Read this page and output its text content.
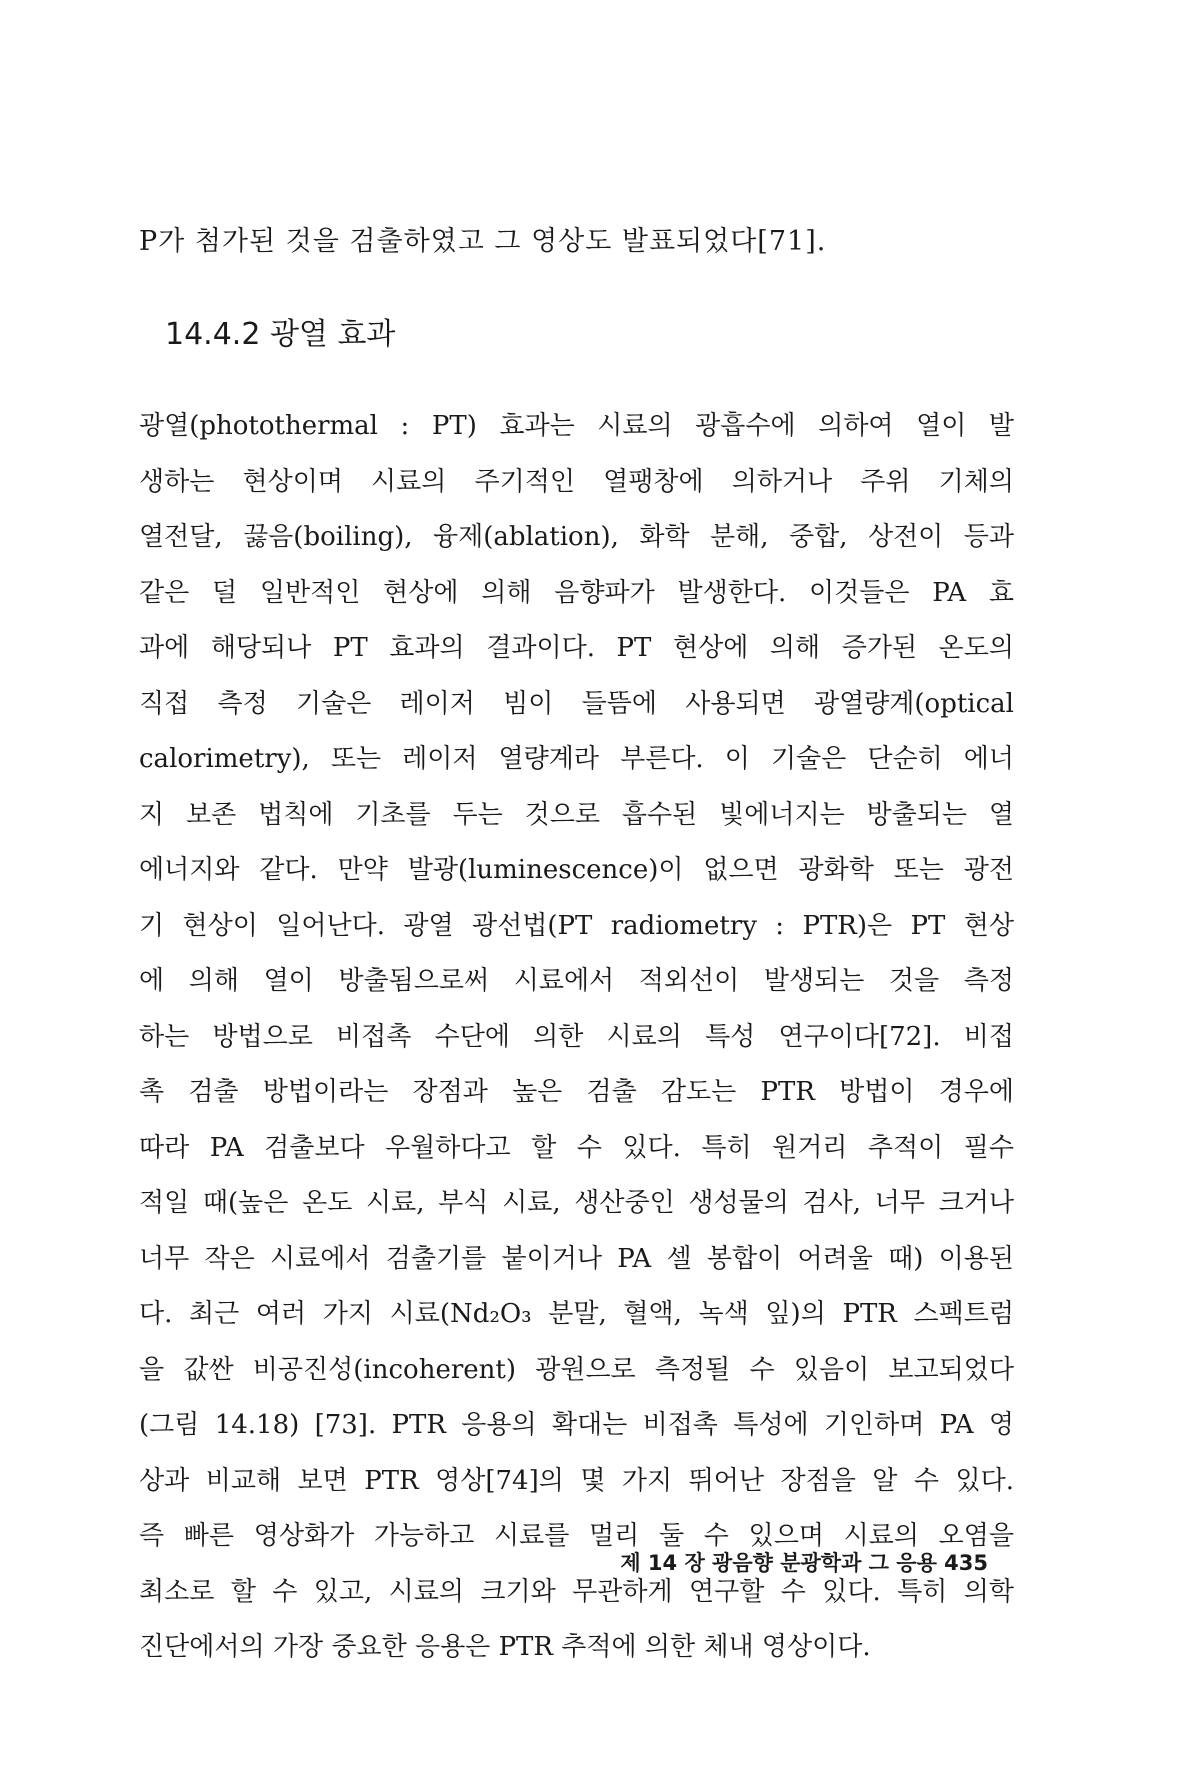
P가 첨가된 것을 검출하였고 그 영상도 발표되었다[71].
14.4.2 광열 효과
광열(photothermal : PT) 효과는 시료의 광흡수에 의하여 열이 발
생하는 현상이며 시료의 주기적인 열팽창에 의하거나 주위 기체의
열전달, 끓음(boiling), 융제(ablation), 화학 분해, 중합, 상전이 등과
같은 덜 일반적인 현상에 의해 음향파가 발생한다. 이것들은 PA 효
과에 해당되나 PT 효과의 결과이다. PT 현상에 의해 증가된 온도의
직접 측정 기술은 레이저 빔이 들뜸에 사용되면 광열량계(optical
calorimetry), 또는 레이저 열량계라 부른다. 이 기술은 단순히 에너
지 보존 법칙에 기초를 두는 것으로 흡수된 빛에너지는 방출되는 열
에너지와 같다. 만약 발광(luminescence)이 없으면 광화학 또는 광전
기 현상이 일어난다. 광열 광선법(PT radiometry : PTR)은 PT 현상
에 의해 열이 방출됨으로써 시료에서 적외선이 발생되는 것을 측정
하는 방법으로 비접촉 수단에 의한 시료의 특성 연구이다[72]. 비접
촉 검출 방법이라는 장점과 높은 검출 감도는 PTR 방법이 경우에
따라 PA 검출보다 우월하다고 할 수 있다. 특히 원거리 추적이 필수
적일 때(높은 온도 시료, 부식 시료, 생산중인 생성물의 검사, 너무 크거나
너무 작은 시료에서 검출기를 붙이거나 PA 셀 봉합이 어려울 때) 이용된
다. 최근 여러 가지 시료(Nd₂O₃ 분말, 혈액, 녹색 잎)의 PTR 스펙트럼
을 값싼 비공진성(incoherent) 광원으로 측정될 수 있음이 보고되었다
(그림 14.18) [73]. PTR 응용의 확대는 비접촉 특성에 기인하며 PA 영
상과 비교해 보면 PTR 영상[74]의 몇 가지 뛰어난 장점을 알 수 있다.
즉 빠른 영상화가 가능하고 시료를 멀리 둘 수 있으며 시료의 오염을
최소로 할 수 있고, 시료의 크기와 무관하게 연구할 수 있다. 특히 의학
진단에서의 가장 중요한 응용은 PTR 추적에 의한 체내 영상이다.
제 14 장 광음향 분광학과 그 응용 435
